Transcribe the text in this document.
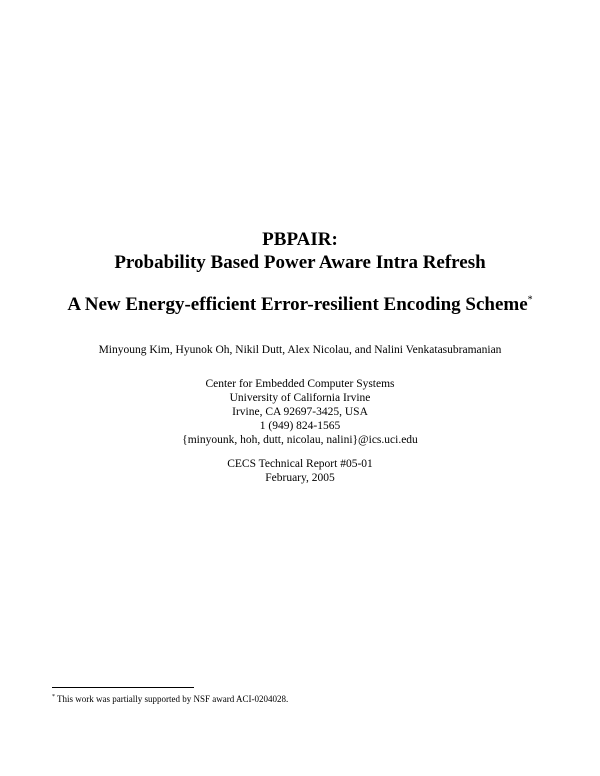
PBPAIR:

Probability Based Power Aware Intra Refresh

A New Energy-efficient Error-resilient Encoding Scheme*

Minyoung Kim, Hyunok Oh, Nikil Dutt, Alex Nicolau, and Nalini Venkatasubramanian

Center for Embedded Computer Systems
University of California Irvine
Irvine, CA 92697-3425, USA
1 (949) 824-1565
{minyounk, hoh, dutt, nicolau, nalini}@ics.uci.edu
CECS Technical Report #05-01
February, 2005
* This work was partially supported by NSF award ACI-0204028.
